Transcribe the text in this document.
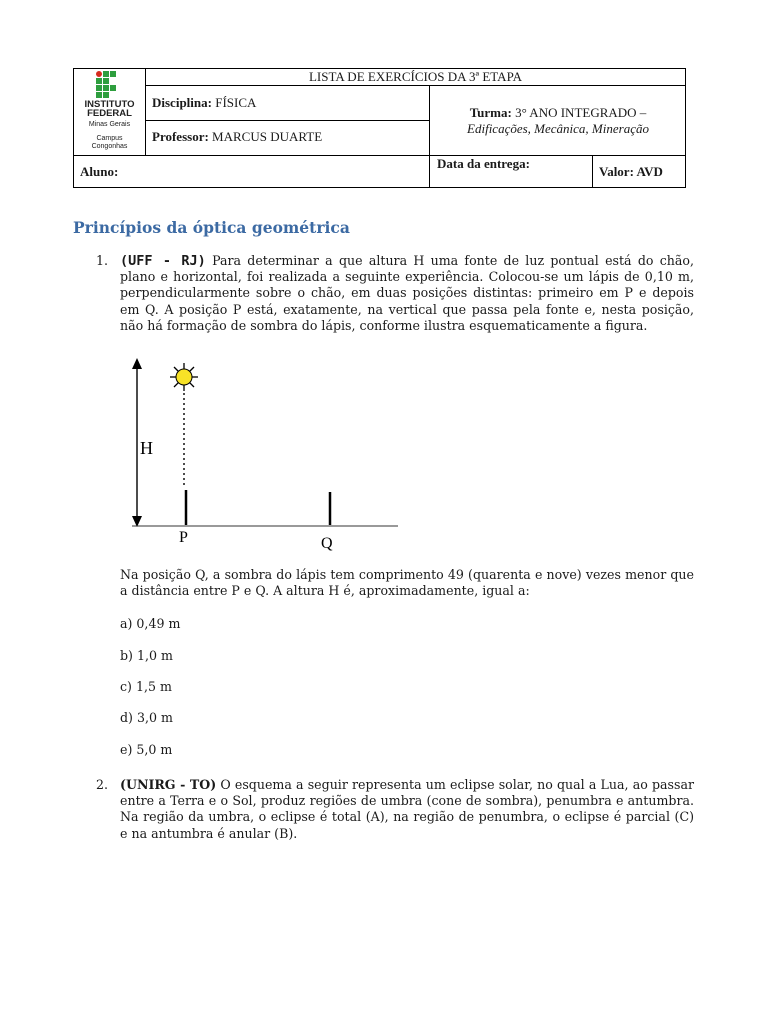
INSTITUTO
FEDERAL
Minas Gerais
Campus
Congonhas
LISTA DE EXERCÍCIOS DA 3ª ETAPA
Disciplina: FÍSICA
Professor: MARCUS DUARTE
Turma: 3° ANO INTEGRADO –
Edificações, Mecânica, Mineração
Aluno:
Data da entrega:
Valor: AVD
Princípios da óptica geométrica
1. (UFF - RJ) Para determinar a que altura H uma fonte de luz pontual está do chão, plano e horizontal, foi realizada a seguinte experiência. Colocou-se um lápis de 0,10 m, perpendicularmente sobre o chão, em duas posições distintas: primeiro em P e depois em Q. A posição P está, exatamente, na vertical que passa pela fonte e, nesta posição, não há formação de sombra do lápis, conforme ilustra esquematicamente a figura.
H
P	Q
Na posição Q, a sombra do lápis tem comprimento 49 (quarenta e nove) vezes menor que a distância entre P e Q. A altura H é, aproximadamente, igual a:
a) 0,49 m
b) 1,0 m
c) 1,5 m
d) 3,0 m
e) 5,0 m
2. (UNIRG - TO) O esquema a seguir representa um eclipse solar, no qual a Lua, ao passar entre a Terra e o Sol, produz regiões de umbra (cone de sombra), penumbra e antumbra. Na região da umbra, o eclipse é total (A), na região de penumbra, o eclipse é parcial (C) e na antumbra é anular (B).
